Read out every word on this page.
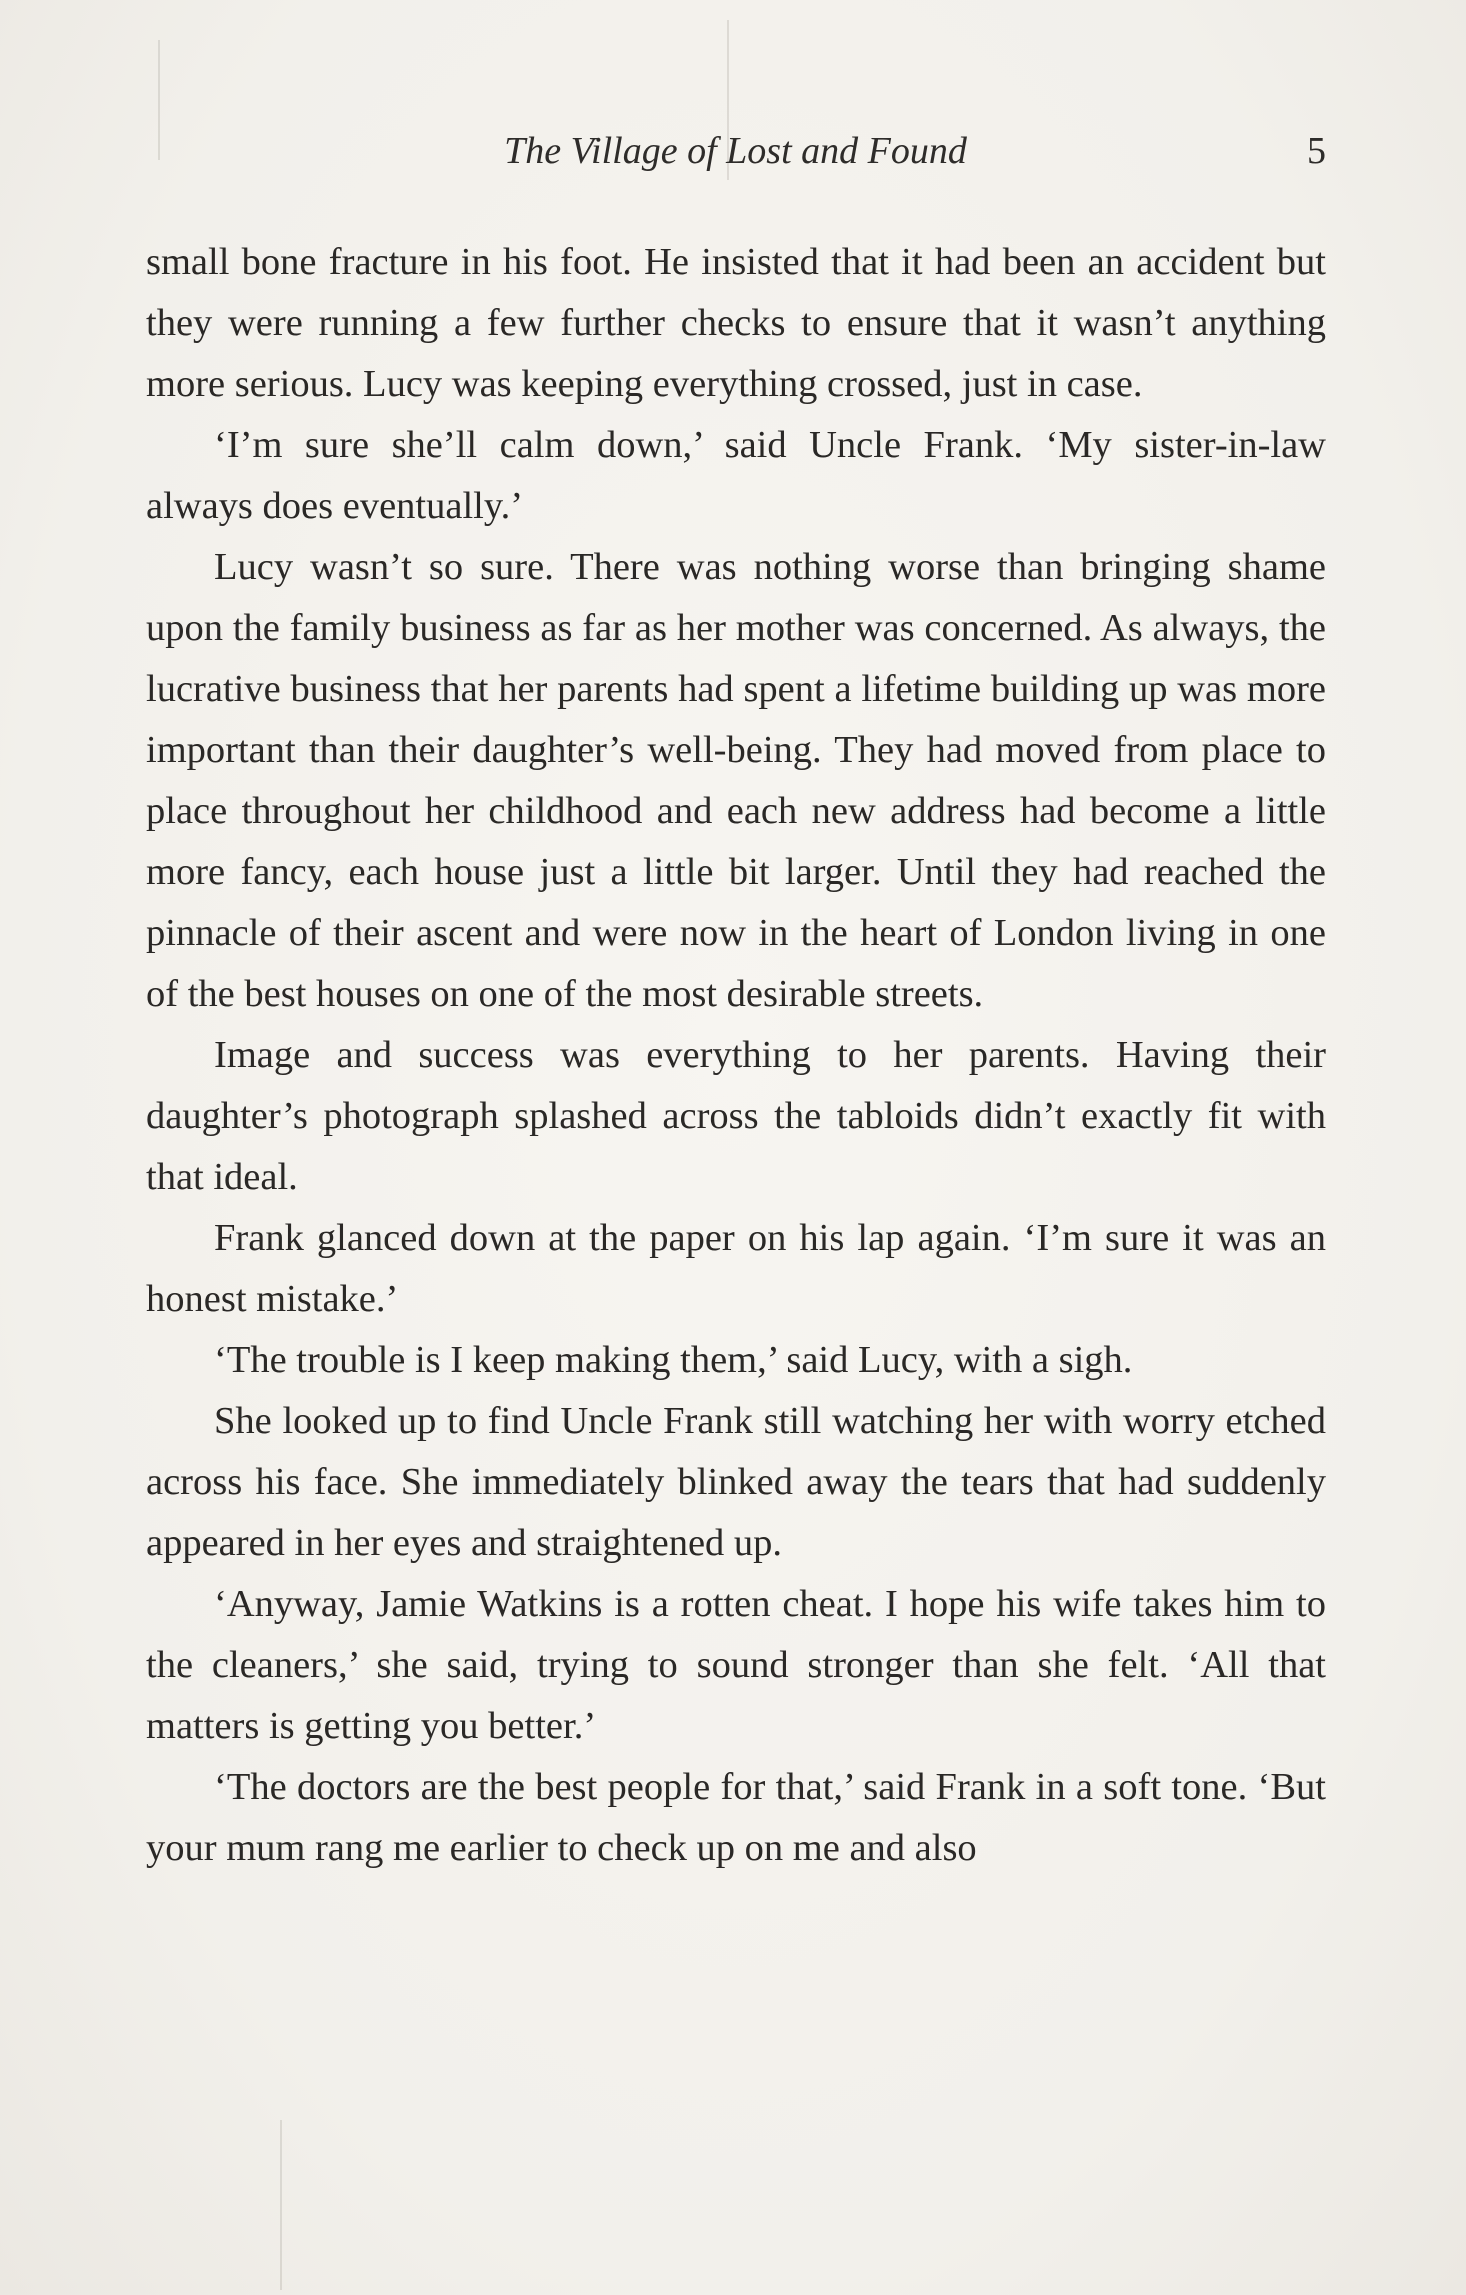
The Village of Lost and Found	5

small bone fracture in his foot. He insisted that it had been an accident but they were running a few further checks to ensure that it wasn’t anything more serious. Lucy was keeping everything crossed, just in case.

‘I’m sure she’ll calm down,’ said Uncle Frank. ‘My sister-in-law always does eventually.’

Lucy wasn’t so sure. There was nothing worse than bringing shame upon the family business as far as her mother was concerned. As always, the lucrative business that her parents had spent a lifetime building up was more important than their daughter’s well-being. They had moved from place to place throughout her childhood and each new address had become a little more fancy, each house just a little bit larger. Until they had reached the pinnacle of their ascent and were now in the heart of London living in one of the best houses on one of the most desirable streets.

Image and success was everything to her parents. Having their daughter’s photograph splashed across the tabloids didn’t exactly fit with that ideal.

Frank glanced down at the paper on his lap again. ‘I’m sure it was an honest mistake.’

‘The trouble is I keep making them,’ said Lucy, with a sigh.

She looked up to find Uncle Frank still watching her with worry etched across his face. She immediately blinked away the tears that had suddenly appeared in her eyes and straightened up.

‘Anyway, Jamie Watkins is a rotten cheat. I hope his wife takes him to the cleaners,’ she said, trying to sound stronger than she felt. ‘All that matters is getting you better.’

‘The doctors are the best people for that,’ said Frank in a soft tone. ‘But your mum rang me earlier to check up on me and also
